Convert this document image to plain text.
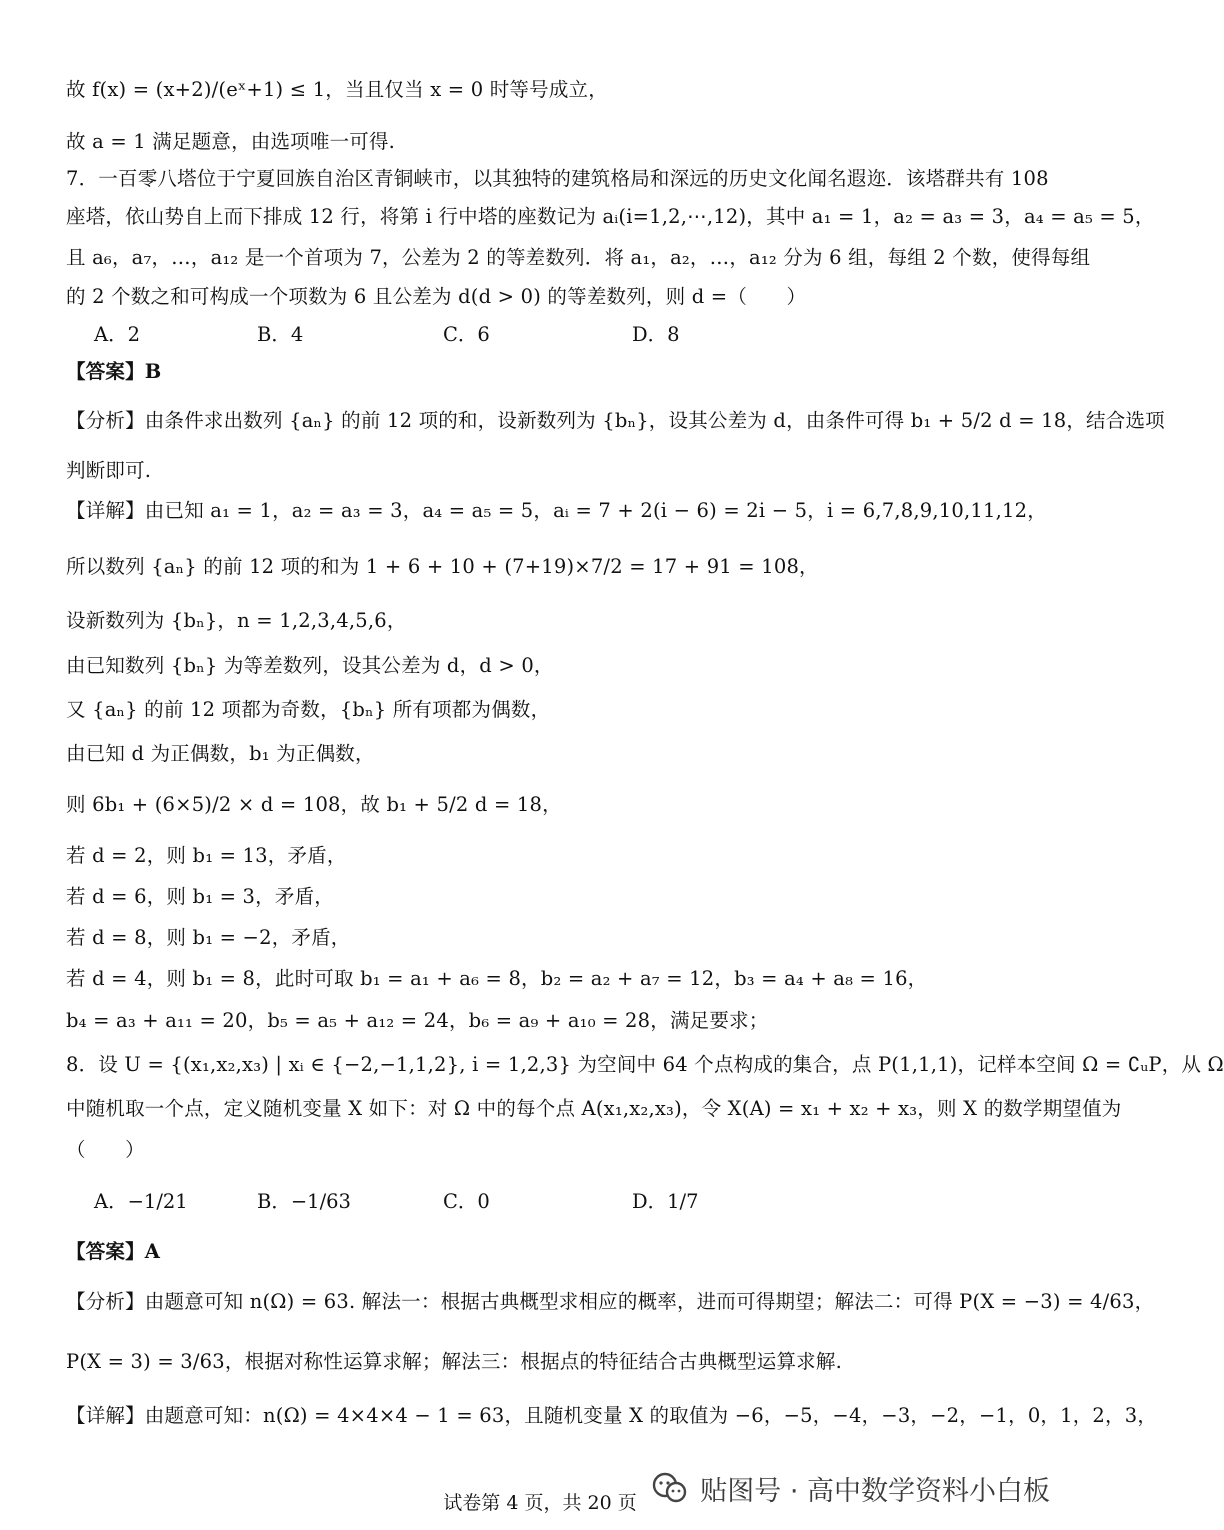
故 f(x) = (x+2)/(eˣ+1) ≤ 1，当且仅当 x = 0 时等号成立，
故 a = 1 满足题意，由选项唯一可得.
7．一百零八塔位于宁夏回族自治区青铜峡市，以其独特的建筑格局和深远的历史文化闻名遐迩．该塔群共有 108
座塔，依山势自上而下排成 12 行，将第 i 行中塔的座数记为 aᵢ(i=1,2,⋯,12)，其中 a₁ = 1，a₂ = a₃ = 3，a₄ = a₅ = 5，
且 a₆，a₇，…，a₁₂ 是一个首项为 7，公差为 2 的等差数列．将 a₁，a₂，…，a₁₂ 分为 6 组，每组 2 个数，使得每组
的 2 个数之和可构成一个项数为 6 且公差为 d(d > 0) 的等差数列，则 d =（　　）
A．2	B．4	C．6	D．8
【答案】B
【分析】由条件求出数列 {aₙ} 的前 12 项的和，设新数列为 {bₙ}，设其公差为 d，由条件可得 b₁ + 5/2 d = 18，结合选项
判断即可.
【详解】由已知 a₁ = 1，a₂ = a₃ = 3，a₄ = a₅ = 5，aᵢ = 7 + 2(i − 6) = 2i − 5，i = 6,7,8,9,10,11,12，
所以数列 {aₙ} 的前 12 项的和为 1 + 6 + 10 + (7+19)×7/2 = 17 + 91 = 108，
设新数列为 {bₙ}，n = 1,2,3,4,5,6，
由已知数列 {bₙ} 为等差数列，设其公差为 d，d > 0，
又 {aₙ} 的前 12 项都为奇数，{bₙ} 所有项都为偶数，
由已知 d 为正偶数，b₁ 为正偶数，
则 6b₁ + (6×5)/2 × d = 108，故 b₁ + 5/2 d = 18，
若 d = 2，则 b₁ = 13，矛盾，
若 d = 6，则 b₁ = 3，矛盾，
若 d = 8，则 b₁ = −2，矛盾，
若 d = 4，则 b₁ = 8，此时可取 b₁ = a₁ + a₆ = 8，b₂ = a₂ + a₇ = 12，b₃ = a₄ + a₈ = 16，
b₄ = a₃ + a₁₁ = 20，b₅ = a₅ + a₁₂ = 24，b₆ = a₉ + a₁₀ = 28，满足要求；
8．设 U = {(x₁,x₂,x₃) | xᵢ ∈ {−2,−1,1,2}, i = 1,2,3} 为空间中 64 个点构成的集合，点 P(1,1,1)，记样本空间 Ω = ∁ᵤP，从 Ω
中随机取一个点，定义随机变量 X 如下：对 Ω 中的每个点 A(x₁,x₂,x₃)，令 X(A) = x₁ + x₂ + x₃，则 X 的数学期望值为
（　　）
A．−1/21	B．−1/63	C．0	D．1/7
【答案】A
【分析】由题意可知 n(Ω) = 63. 解法一：根据古典概型求相应的概率，进而可得期望；解法二：可得 P(X = −3) = 4/63，
P(X = 3) = 3/63，根据对称性运算求解；解法三：根据点的特征结合古典概型运算求解.
【详解】由题意可知：n(Ω) = 4×4×4 − 1 = 63，且随机变量 X 的取值为 −6，−5，−4，−3，−2，−1，0，1，2，3，
试卷第 4 页，共 20 页	贴图号 · 高中数学资料小白板
